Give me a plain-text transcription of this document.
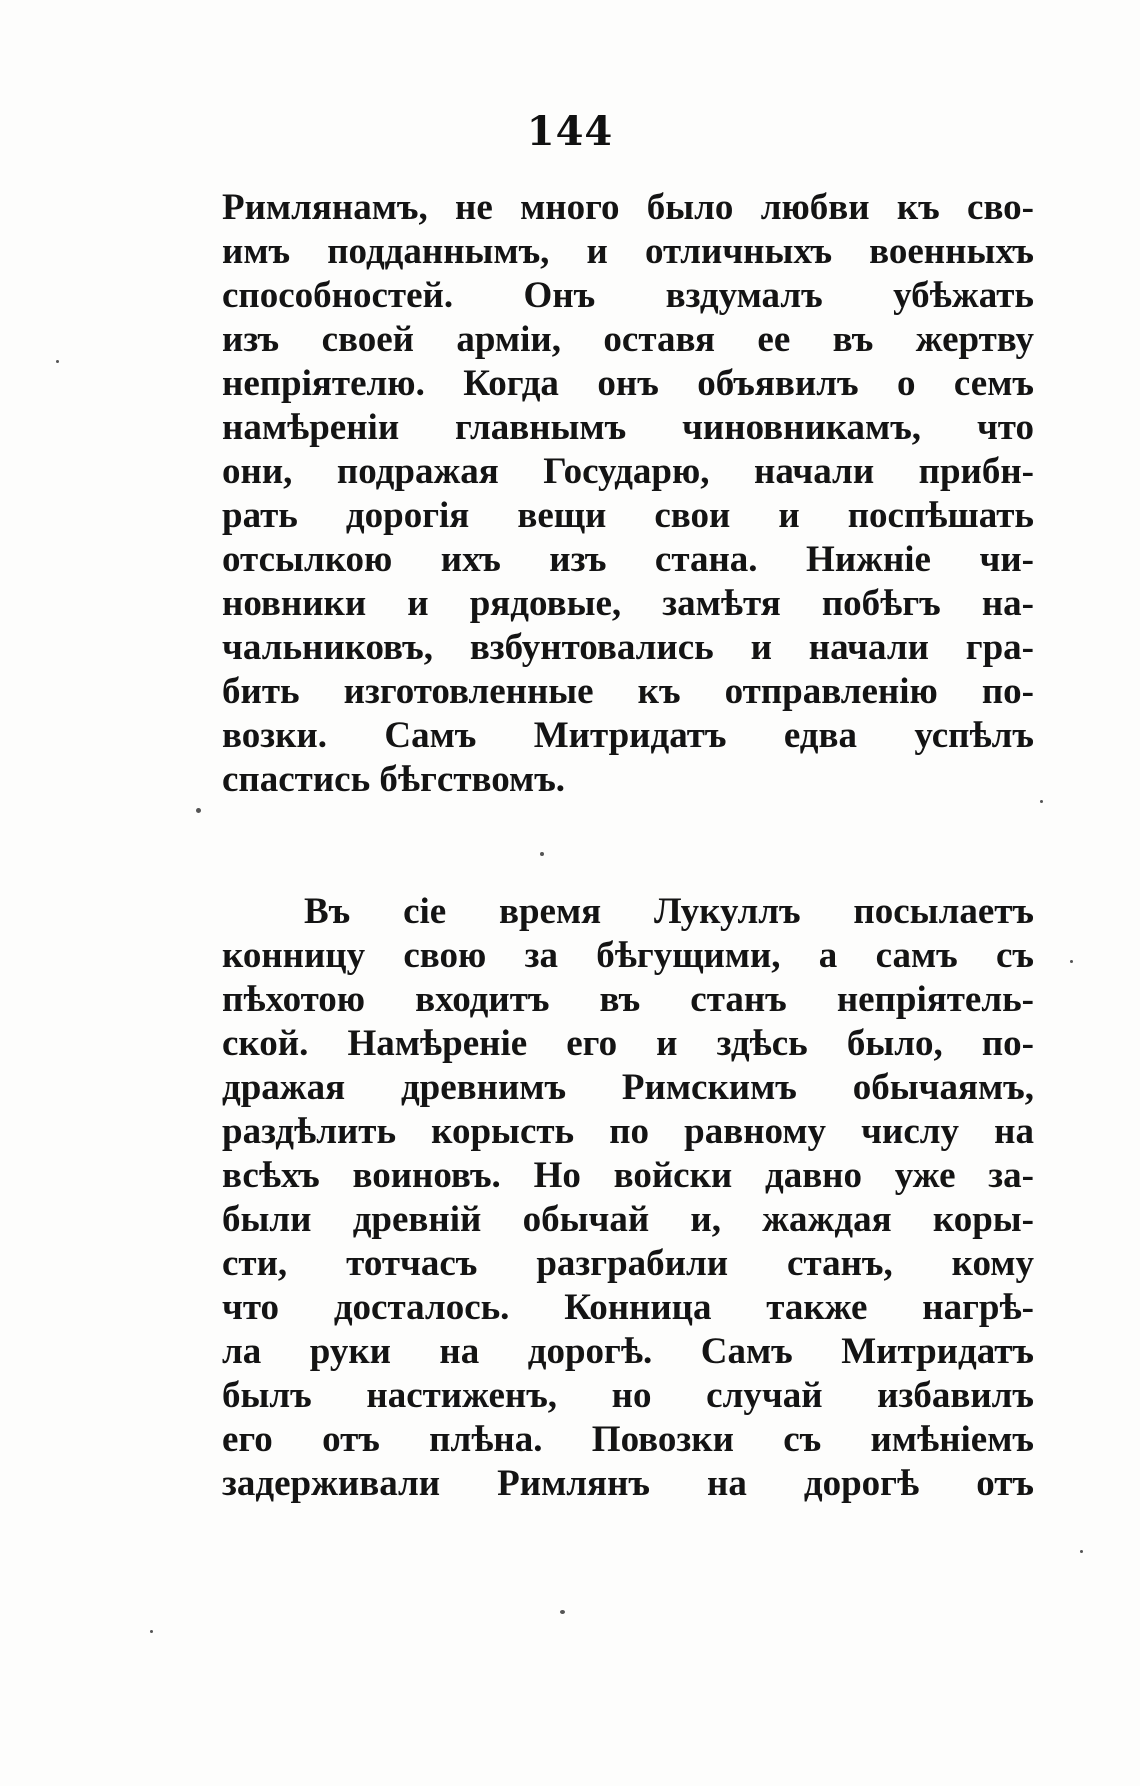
144
Римлянамъ, не много было любви къ сво-
имъ подданнымъ, и отличныхъ военныхъ
способностей. Онъ вздумалъ убѣжать
изъ своей арміи, оставя ее въ жертву
непріятелю. Когда онъ объявилъ о семъ
намѣреніи главнымъ чиновникамъ, что
они, подражая Государю, начали прибн-
рать дорогія вещи свои и поспѣшать
отсылкою ихъ изъ стана. Нижніе чи-
новники и рядовые, замѣтя побѣгъ на-
чальниковъ, взбунтовались и начали гра-
бить изготовленные къ отправленію по-
возки. Самъ Митридатъ едва успѣлъ
спастись бѣгствомъ.
Въ сіе время Лукуллъ посылаетъ
конницу свою за бѣгущими, а самъ съ
пѣхотою входитъ въ станъ непріятель-
ской. Намѣреніе его и здѣсь было, по-
дражая древнимъ Римскимъ обычаямъ,
раздѣлить корысть по равному числу на
всѣхъ воиновъ. Но войски давно уже за-
были древній обычай и, жаждая коры-
сти, тотчасъ разграбили станъ, кому
что досталось. Конница также нагрѣ-
ла руки на дорогѣ. Самъ Митридатъ
былъ настиженъ, но случай избавилъ
его отъ плѣна. Повозки съ имѣніемъ
задерживали Римлянъ на дорогѣ отъ
